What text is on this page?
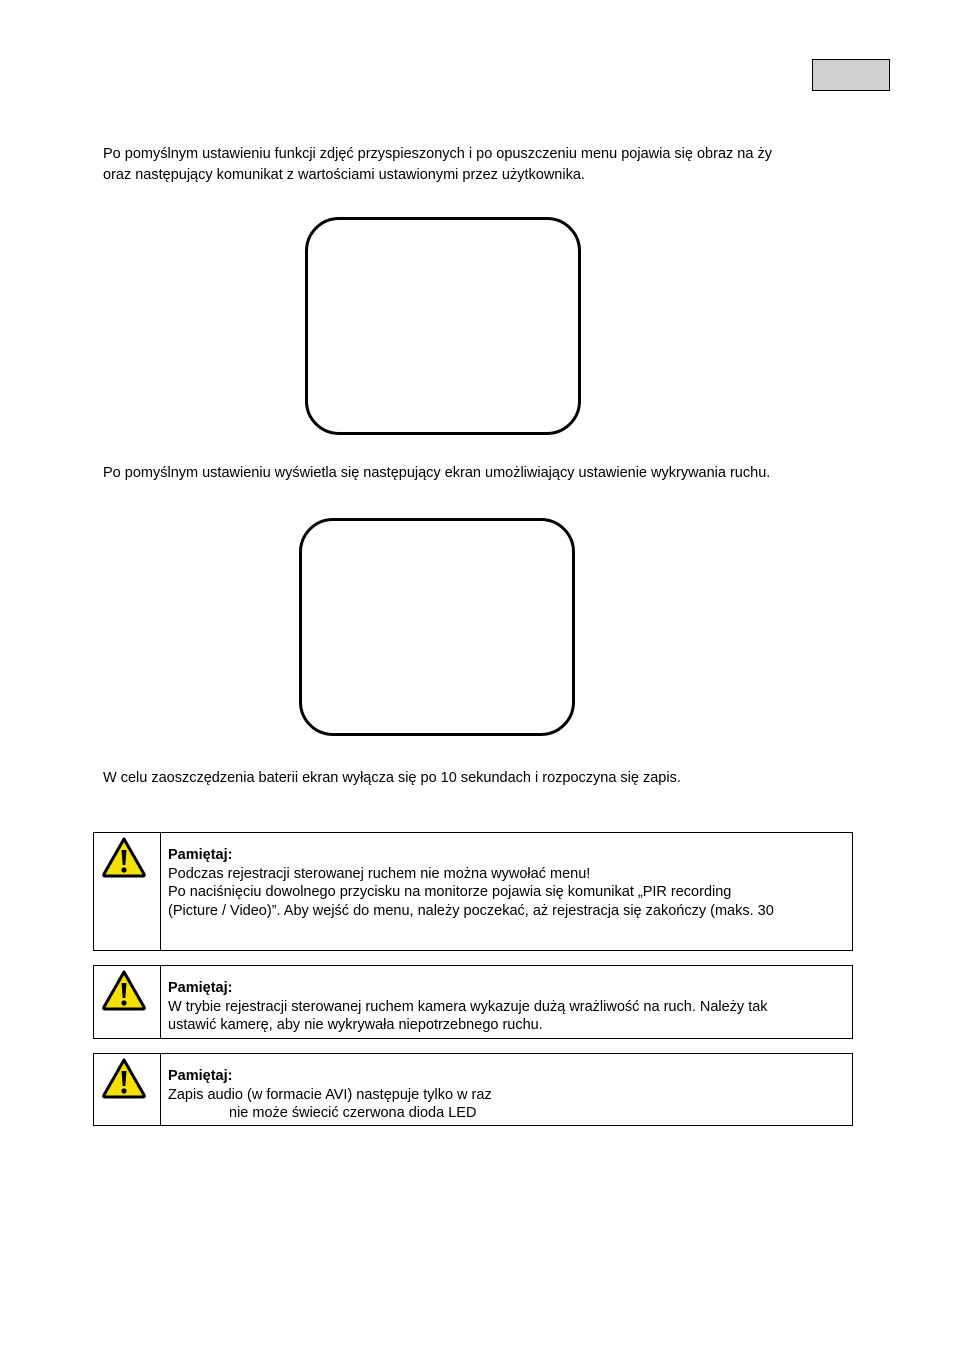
Po pomyślnym ustawieniu funkcji zdjęć przyspieszonych i po opuszczeniu menu pojawia się obraz na ży

oraz następujący komunikat z wartościami ustawionymi przez użytkownika.

Po pomyślnym ustawieniu wyświetla się następujący ekran umożliwiający ustawienie wykrywania ruchu.

W celu zaoszczędzenia baterii ekran wyłącza się po 10 sekundach i rozpoczyna się zapis.

Pamiętaj:
Podczas rejestracji sterowanej ruchem nie można wywołać menu!
Po naciśnięciu dowolnego przycisku na monitorze pojawia się komunikat „PIR recording
(Picture / Video)”. Aby wejść do menu, należy poczekać, aż rejestracja się zakończy (maks. 30
Pamiętaj:
W trybie rejestracji sterowanej ruchem kamera wykazuje dużą wrażliwość na ruch. Należy tak
ustawić kamerę, aby nie wykrywała niepotrzebnego ruchu.
Pamiętaj:
Zapis audio (w formacie AVI) następuje tylko w raz
nie może świecić czerwona dioda LED
